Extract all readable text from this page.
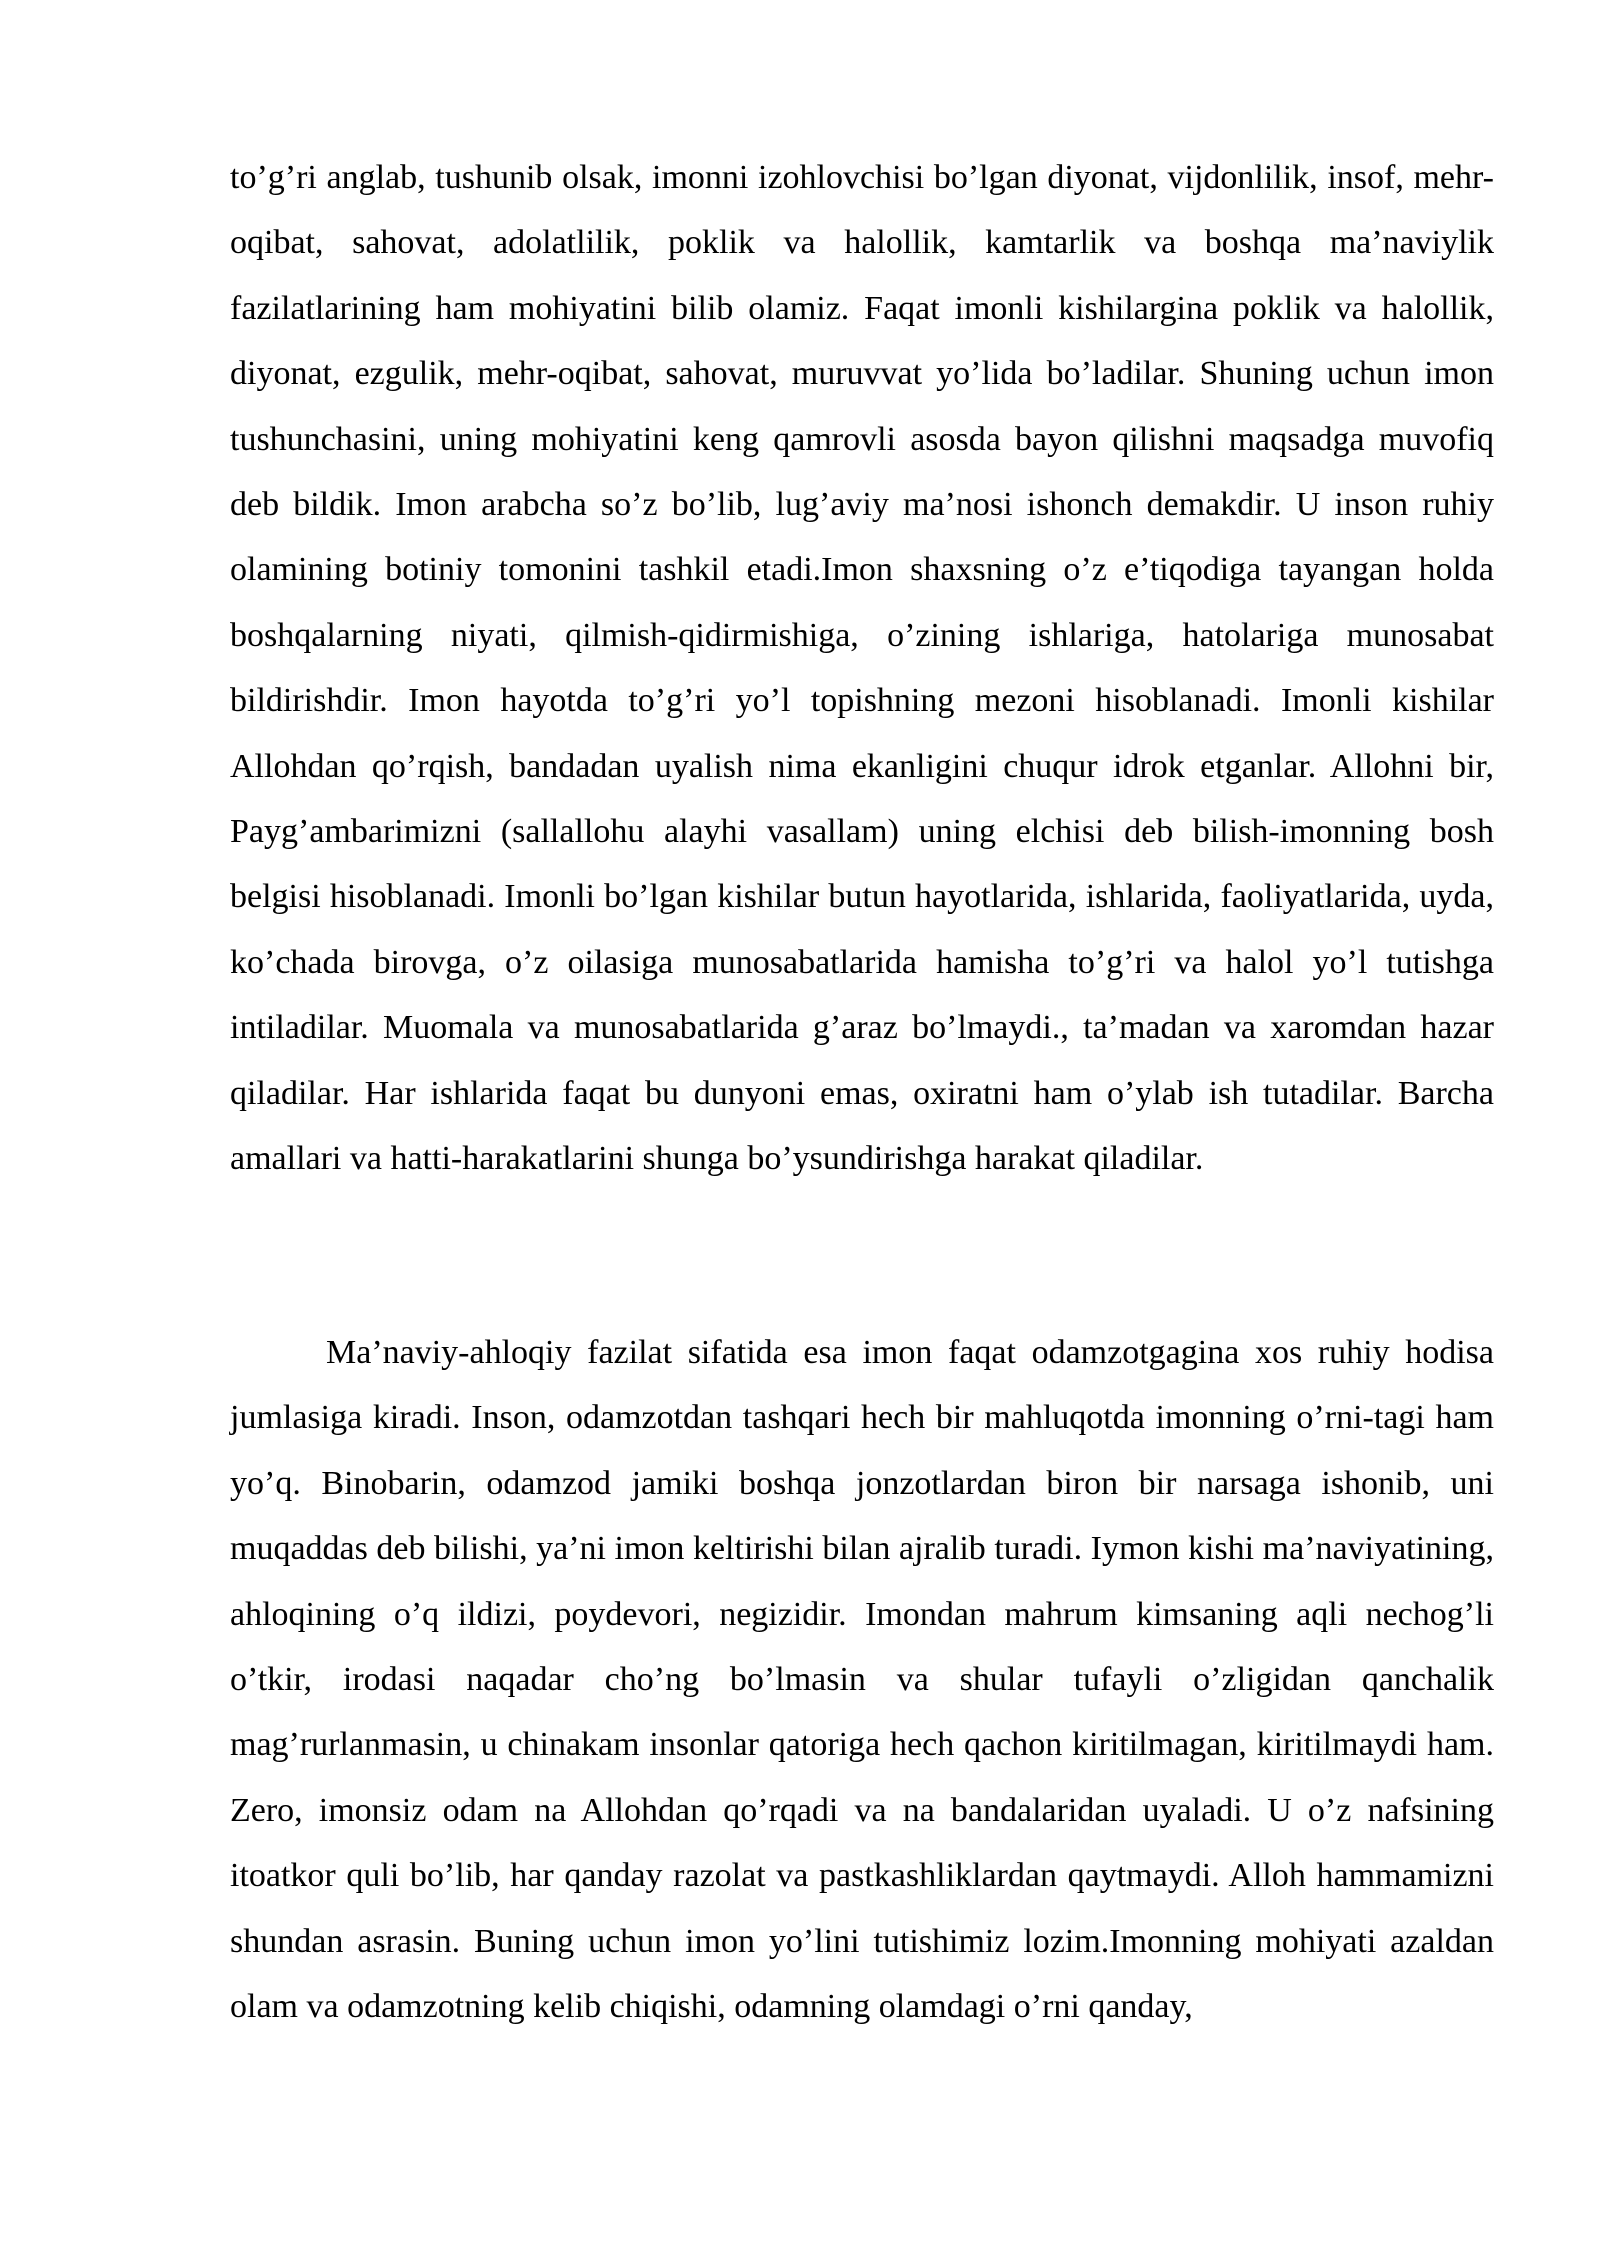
to’g’ri anglab, tushunib olsak, imonni izohlovchisi bo’lgan diyonat, vijdonlilik, insof, mehr-oqibat, sahovat, adolatlilik, poklik va halollik, kamtarlik va boshqa ma’naviylik fazilatlarining ham mohiyatini bilib olamiz. Faqat imonli kishilargina poklik va halollik, diyonat, ezgulik, mehr-oqibat, sahovat, muruvvat yo’lida bo’ladilar. Shuning uchun imon tushunchasini, uning mohiyatini keng qamrovli asosda bayon qilishni maqsadga muvofiq deb bildik. Imon arabcha so’z bo’lib, lug’aviy ma’nosi ishonch demakdir. U inson ruhiy olamining botiniy tomonini tashkil etadi.Imon shaxsning o’z e’tiqodiga tayangan holda boshqalarning niyati, qilmish-qidirmishiga, o’zining ishlariga, hatolariga munosabat bildirishdir. Imon hayotda to’g’ri yo’l topishning mezoni hisoblanadi. Imonli kishilar Allohdan qo’rqish, bandadan uyalish nima ekanligini chuqur idrok etganlar. Allohni bir, Payg’ambarimizni (sallallohu alayhi vasallam) uning elchisi deb bilish-imonning bosh belgisi hisoblanadi. Imonli bo’lgan kishilar butun hayotlarida, ishlarida, faoliyatlarida, uyda, ko’chada birovga, o’z oilasiga munosabatlarida hamisha to’g’ri va halol yo’l tutishga intiladilar. Muomala va munosabatlarida g’araz bo’lmaydi., ta’madan va xaromdan hazar qiladilar. Har ishlarida faqat bu dunyoni emas, oxiratni ham o’ylab ish tutadilar. Barcha amallari va hatti-harakatlarini shunga bo’ysundirishga harakat qiladilar.

Ma’naviy-ahloqiy fazilat sifatida esa imon faqat odamzotgagina xos ruhiy hodisa jumlasiga kiradi. Inson, odamzotdan tashqari hech bir mahluqotda imonning o’rni-tagi ham yo’q. Binobarin, odamzod jamiki boshqa jonzotlardan biron bir narsaga ishonib, uni muqaddas deb bilishi, ya’ni imon keltirishi bilan ajralib turadi. Iymon kishi ma’naviyatining, ahloqining o’q ildizi, poydevori, negizidir. Imondan mahrum kimsaning aqli nechog’li o’tkir, irodasi naqadar cho’ng bo’lmasin va shular tufayli o’zligidan qanchalik mag’rurlanmasin, u chinakam insonlar qatoriga hech qachon kiritilmagan, kiritilmaydi ham. Zero, imonsiz odam na Allohdan qo’rqadi va na bandalaridan uyaladi. U o’z nafsining itoatkor quli bo’lib, har qanday razolat va pastkashliklardan qaytmaydi. Alloh hammamizni shundan asrasin. Buning uchun imon yo’lini tutishimiz lozim.Imonning mohiyati azaldan olam va odamzotning kelib chiqishi, odamning olamdagi o’rni qanday,
